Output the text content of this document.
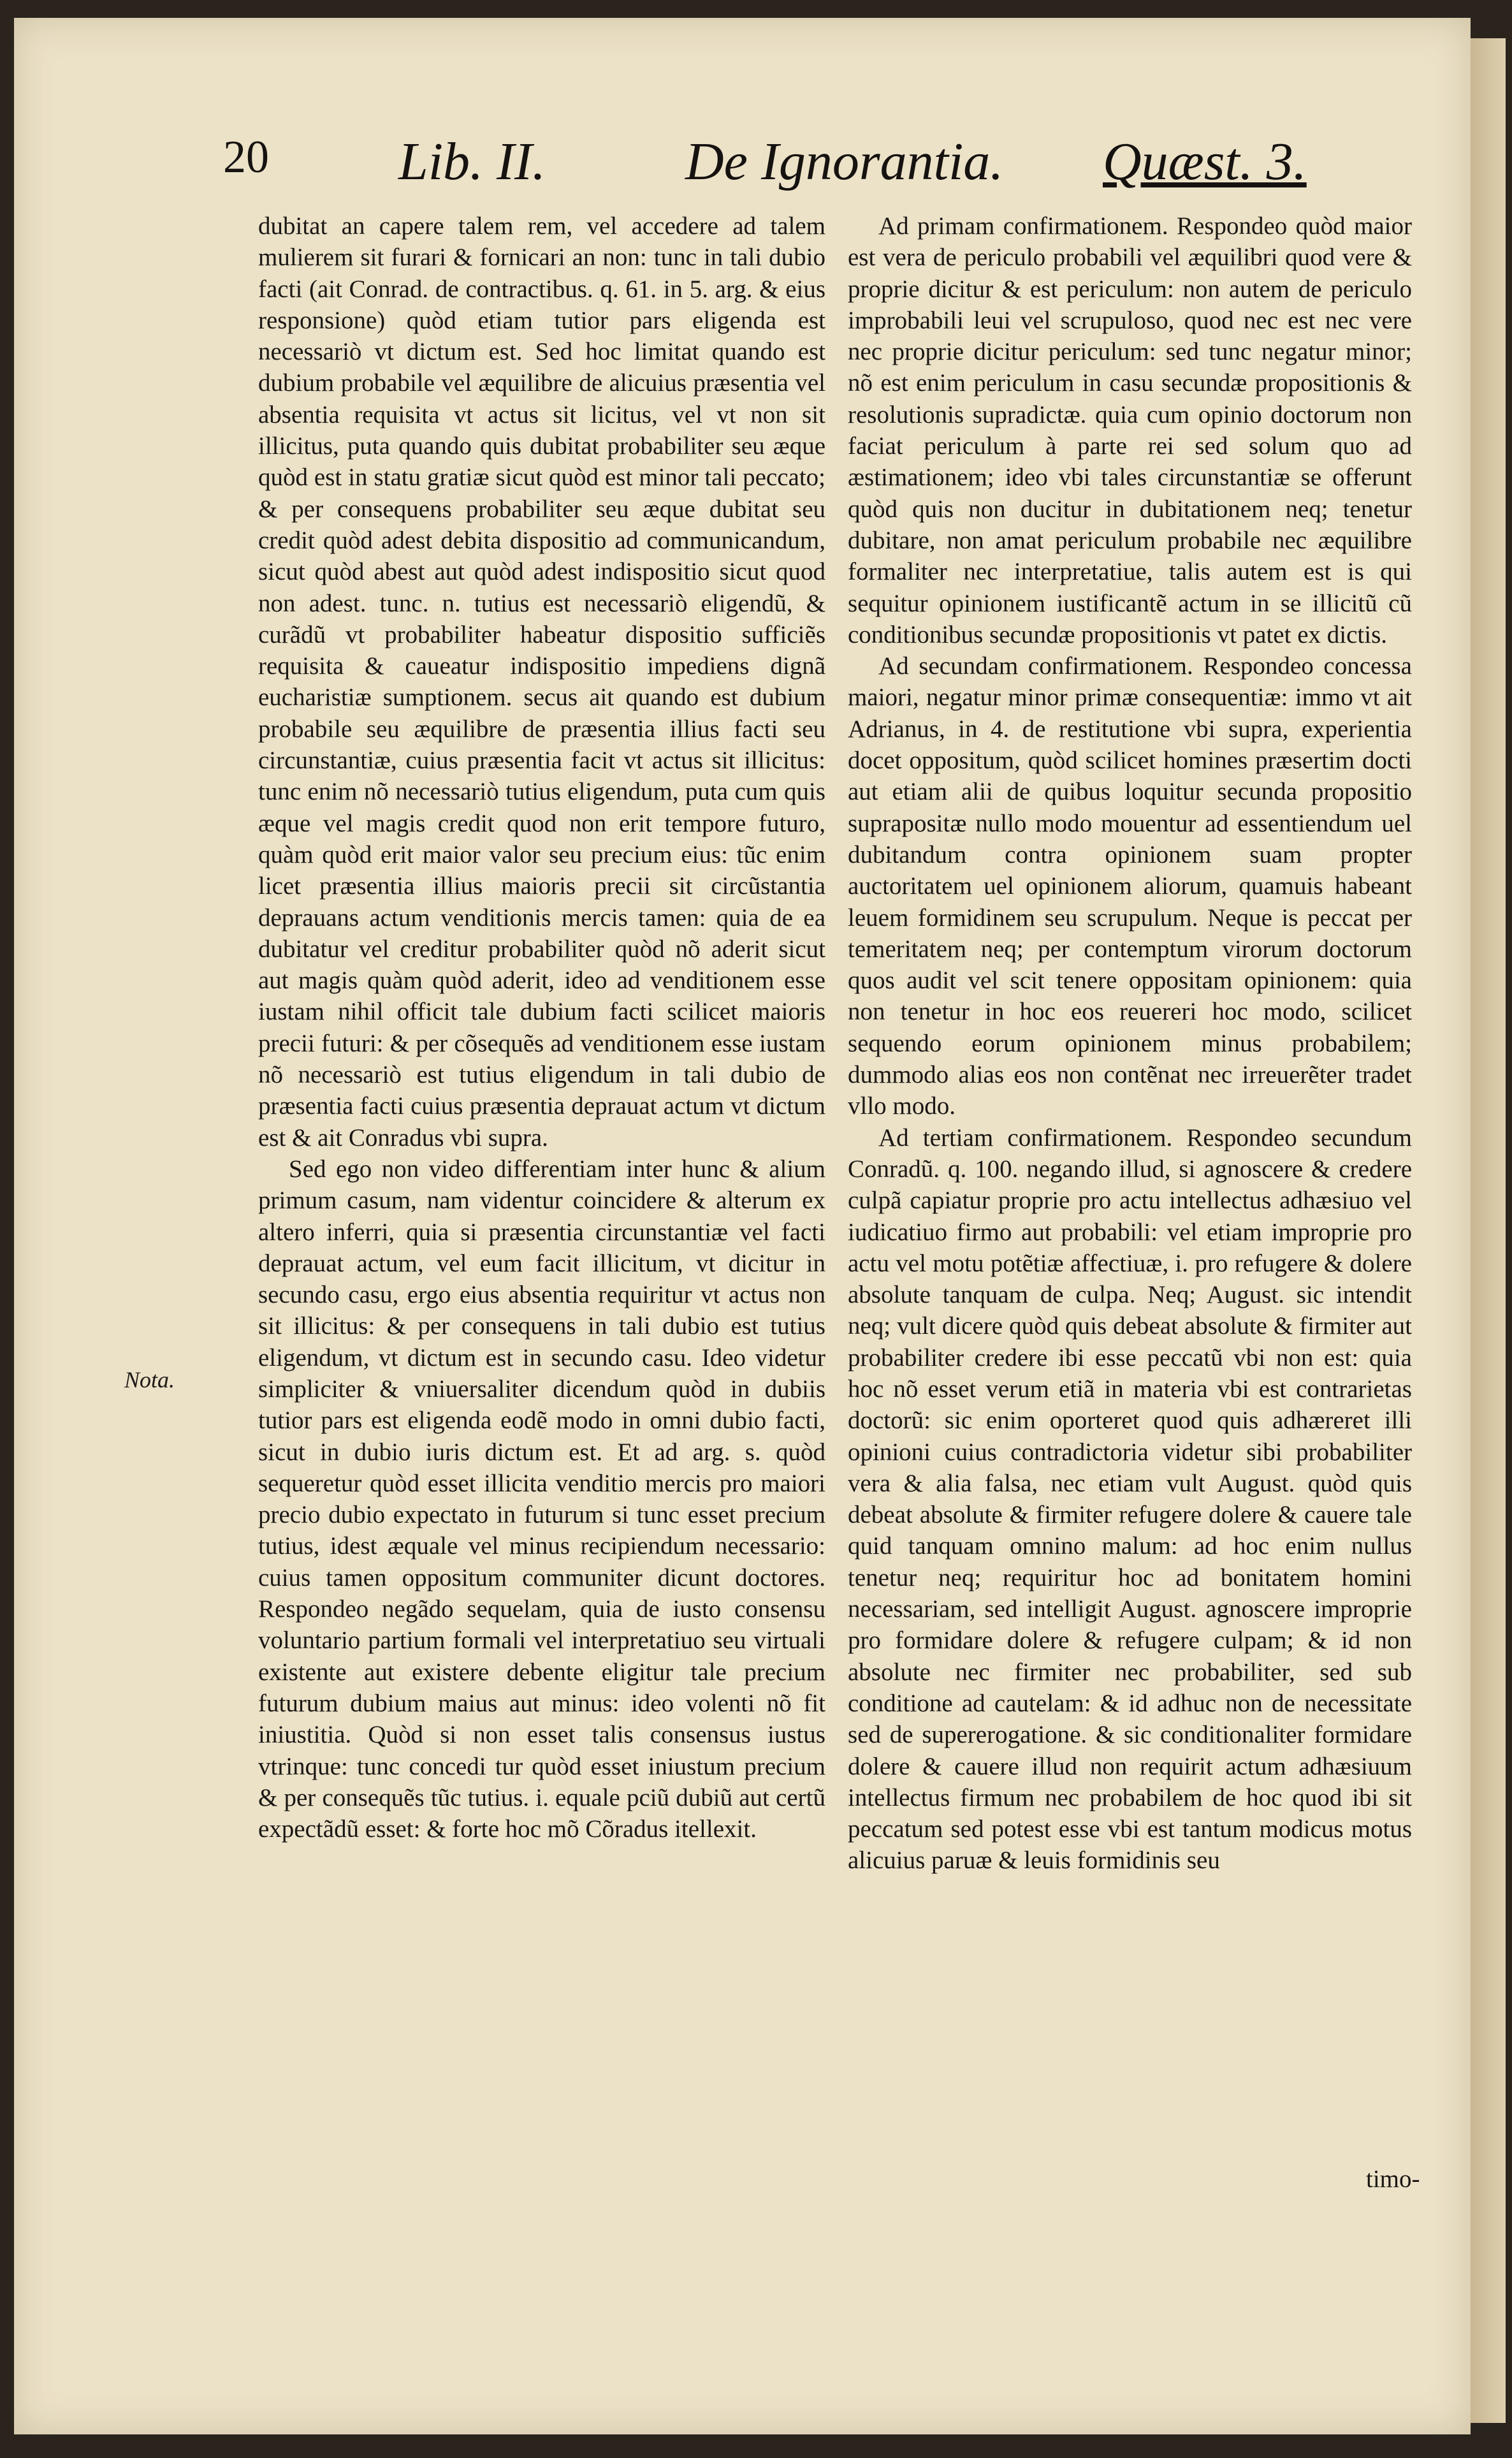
20 Lib. II.	De Ignorantia. Quæst. 3.
Nota.

dubitat an capere talem rem, vel accedere ad talem mulierem sit furari & fornicari an non: tunc in tali dubio facti (ait Conrad. de contractibus. q. 61. in 5. arg. & eius responsione) quòd etiam tutior pars eligenda est necessariò vt dictum est. Sed hoc limitat quando est dubium probabile vel æquilibre de alicuius præsentia vel absentia requisita vt actus sit licitus, vel vt non sit illicitus, puta quando quis dubitat probabiliter seu æque quòd est in statu gratiæ sicut quòd est minor tali peccato; & per consequens probabiliter seu æque dubitat seu credit quòd adest debita dispositio ad communicandum, sicut quòd abest aut quòd adest indispositio sicut quod non adest. tunc. n. tutius est necessariò eligendũ, & curãdũ vt probabiliter habeatur dispositio sufficiẽs requisita & caueatur indispositio impediens dignã eucharistiæ sumptionem. secus ait quando est dubium probabile seu æquilibre de præsentia illius facti seu circunstantiæ, cuius præsentia facit vt actus sit illicitus: tunc enim nõ necessariò tutius eligendum, puta cum quis æque vel magis credit quod non erit tempore futuro, quàm quòd erit maior valor seu precium eius: tũc enim licet præsentia illius maioris precii sit circũstantia deprauans actum venditionis mercis tamen: quia de ea dubitatur vel creditur probabiliter quòd nõ aderit sicut aut magis quàm quòd aderit, ideo ad venditionem esse iustam nihil officit tale dubium facti scilicet maioris precii futuri: & per cõsequẽs ad venditionem esse iustam nõ necessariò est tutius eligendum in tali dubio de præsentia facti cuius præsentia deprauat actum vt dictum est & ait Conradus vbi supra.

Sed ego non video differentiam inter hunc & alium primum casum, nam videntur coincidere & alterum ex altero inferri, quia si præsentia circunstantiæ vel facti deprauat actum, vel eum facit illicitum, vt dicitur in secundo casu, ergo eius absentia requiritur vt actus non sit illicitus: & per consequens in tali dubio est tutius eligendum, vt dictum est in secundo casu. Ideo videtur simpliciter & vniuersaliter dicendum quòd in dubiis tutior pars est eligenda eodẽ modo in omni dubio facti, sicut in dubio iuris dictum est. Et ad arg. s. quòd sequeretur quòd esset illicita venditio mercis pro maiori precio dubio expectato in futurum si tunc esset precium tutius, idest æquale vel minus recipiendum necessario: cuius tamen oppositum communiter dicunt doctores. Respondeo negãdo sequelam, quia de iusto consensu voluntario partium formali vel interpretatiuo seu virtuali existente aut existere debente eligitur tale precium futurum dubium maius aut minus: ideo volenti nõ fit iniustitia. Quòd si non esset talis consensus iustus vtrinque: tunc concedi tur quòd esset iniustum precium & per consequẽs tũc tutius. i. equale pciũ dubiũ aut certũ expectãdũ esset: & forte hoc mõ Cõradus itellexit.

Ad primam confirmationem. Respondeo quòd maior est vera de periculo probabili vel æquilibri quod vere & proprie dicitur & est periculum: non autem de periculo improbabili leui vel scrupuloso, quod nec est nec vere nec proprie dicitur periculum: sed tunc negatur minor; nõ est enim periculum in casu secundæ propositionis & resolutionis supradictæ. quia cum opinio doctorum non faciat periculum à parte rei sed solum quo ad æstimationem; ideo vbi tales circunstantiæ se offerunt quòd quis non ducitur in dubitationem neq; tenetur dubitare, non amat periculum probabile nec æquilibre formaliter nec interpretatiue, talis autem est is qui sequitur opinionem iustificantẽ actum in se illicitũ cũ conditionibus secundæ propositionis vt patet ex dictis.

Ad secundam confirmationem. Respondeo concessa maiori, negatur minor primæ consequentiæ: immo vt ait Adrianus, in 4. de restitutione vbi supra, experientia docet oppositum, quòd scilicet homines præsertim docti aut etiam alii de quibus loquitur secunda propositio suprapositæ nullo modo mouentur ad essentiendum uel dubitandum contra opinionem suam propter auctoritatem uel opinionem aliorum, quamuis habeant leuem formidinem seu scrupulum. Neque is peccat per temeritatem neq; per contemptum virorum doctorum quos audit vel scit tenere oppositam opinionem: quia non tenetur in hoc eos reuereri hoc modo, scilicet sequendo eorum opinionem minus probabilem; dummodo alias eos non contẽnat nec irreuerẽter tradet vllo modo.

Ad tertiam confirmationem. Respondeo secundum Conradũ. q. 100. negando illud, si agnoscere & credere culpã capiatur proprie pro actu intellectus adhæsiuo vel iudicatiuo firmo aut probabili: vel etiam improprie pro actu vel motu potẽtiæ affectiuæ, i. pro refugere & dolere absolute tanquam de culpa. Neq; August. sic intendit neq; vult dicere quòd quis debeat absolute & firmiter aut probabiliter credere ibi esse peccatũ vbi non est: quia hoc nõ esset verum etiã in materia vbi est contrarietas doctorũ: sic enim oporteret quod quis adhæreret illi opinioni cuius contradictoria videtur sibi probabiliter vera & alia falsa, nec etiam vult August. quòd quis debeat absolute & firmiter refugere dolere & cauere tale quid tanquam omnino malum: ad hoc enim nullus tenetur neq; requiritur hoc ad bonitatem homini necessariam, sed intelligit August. agnoscere improprie pro formidare dolere & refugere culpam; & id non absolute nec firmiter nec probabiliter, sed sub conditione ad cautelam: & id adhuc non de necessitate sed de supererogatione. & sic conditionaliter formidare dolere & cauere illud non requirit actum adhæsiuum intellectus firmum nec probabilem de hoc quod ibi sit peccatum sed potest esse vbi est tantum modicus motus alicuius paruæ & leuis formidinis seu

timo-
